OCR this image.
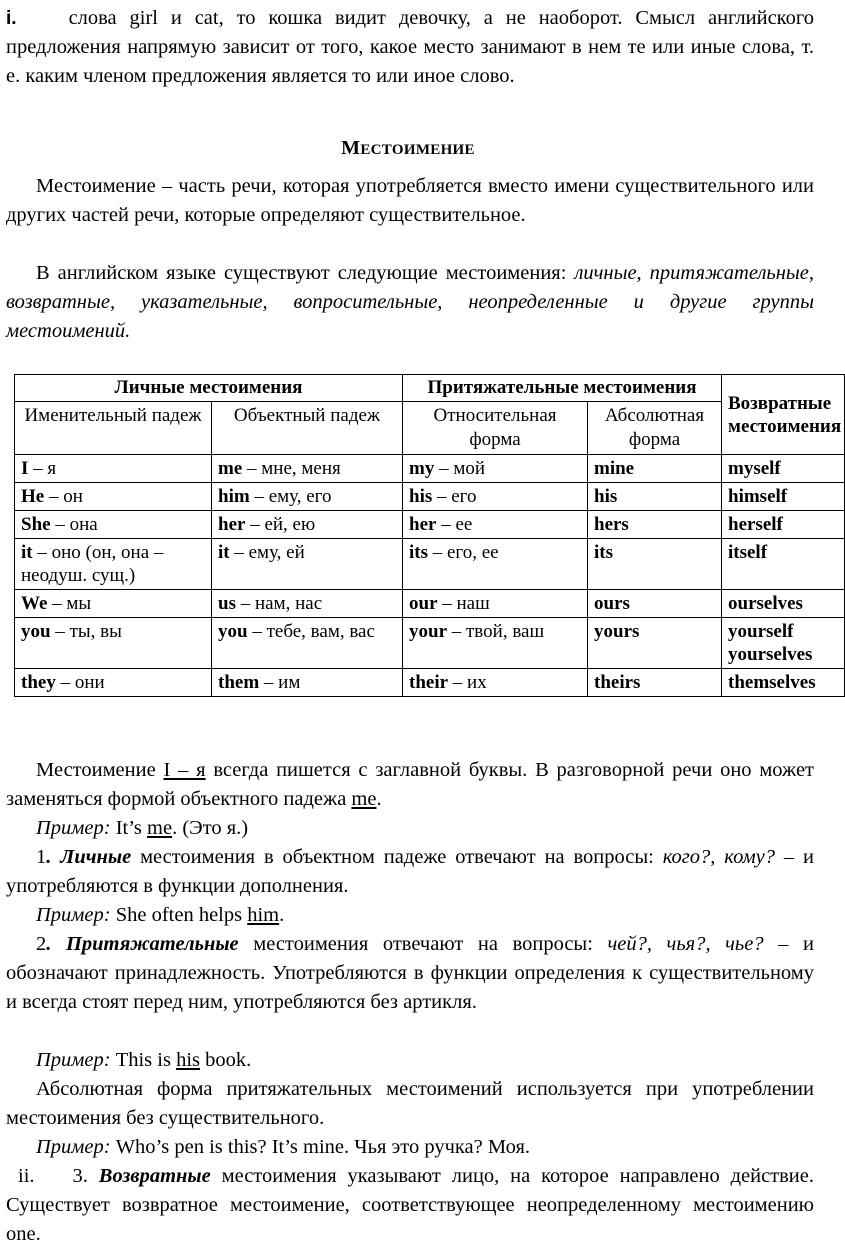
i.	слова girl и cat, то кошка видит девочку, а не наоборот. Смысл английского предложения напрямую зависит от того, какое место занимают в нем те или иные слова, т. е. каким членом предложения является то или иное слово.

МЕСТОИМЕНИЕ

Местоимение – часть речи, которая употребляется вместо имени существительного или других частей речи, которые определяют существительное.

В английском языке существуют следующие местоимения: личные, притяжательные, возвратные, указательные, вопросительные, неопределенные и другие группы местоимений.

Личные местоимения		Притяжательные местоимения		Возвратные местоимения
Именительный падеж	Объектный падеж	Относительная форма	Абсолютная форма	
I – я	me – мне, меня	my – мой	mine	myself
He – он	him – ему, его	his – его	his	himself
She – она	her – ей, ею	her – ее	hers	herself
it – оно (он, она – неодуш. сущ.)	it – ему, ей	its – его, ее	its	itself
We – мы	us – нам, нас	our – наш	ours	ourselves
you – ты, вы	you – тебе, вам, вас	your – твой, ваш	yours	yourself yourselves
they – они	them – им	their – их	theirs	themselves

Местоимение I – я всегда пишется с заглавной буквы. В разговорной речи оно может заменяться формой объектного падежа me.

Пример: It’s me. (Это я.)

1. Личные местоимения в объектном падеже отвечают на вопросы: кого?, кому? – и употребляются в функции дополнения.

Пример: She often helps him.

2. Притяжательные местоимения отвечают на вопросы: чей?, чья?, чье? – и обозначают принадлежность. Употребляются в функции определения к существительному и всегда стоят перед ним, употребляются без артикля.

Пример: This is his book.

Абсолютная форма притяжательных местоимений используется при употреблении местоимения без существительного.

Пример: Who’s pen is this? It’s mine. Чья это ручка? Моя.

ii. 3. Возвратные местоимения указывают лицо, на которое направлено действие. Существует возвратное местоимение, соответствующее неопределенному местоимению one.
